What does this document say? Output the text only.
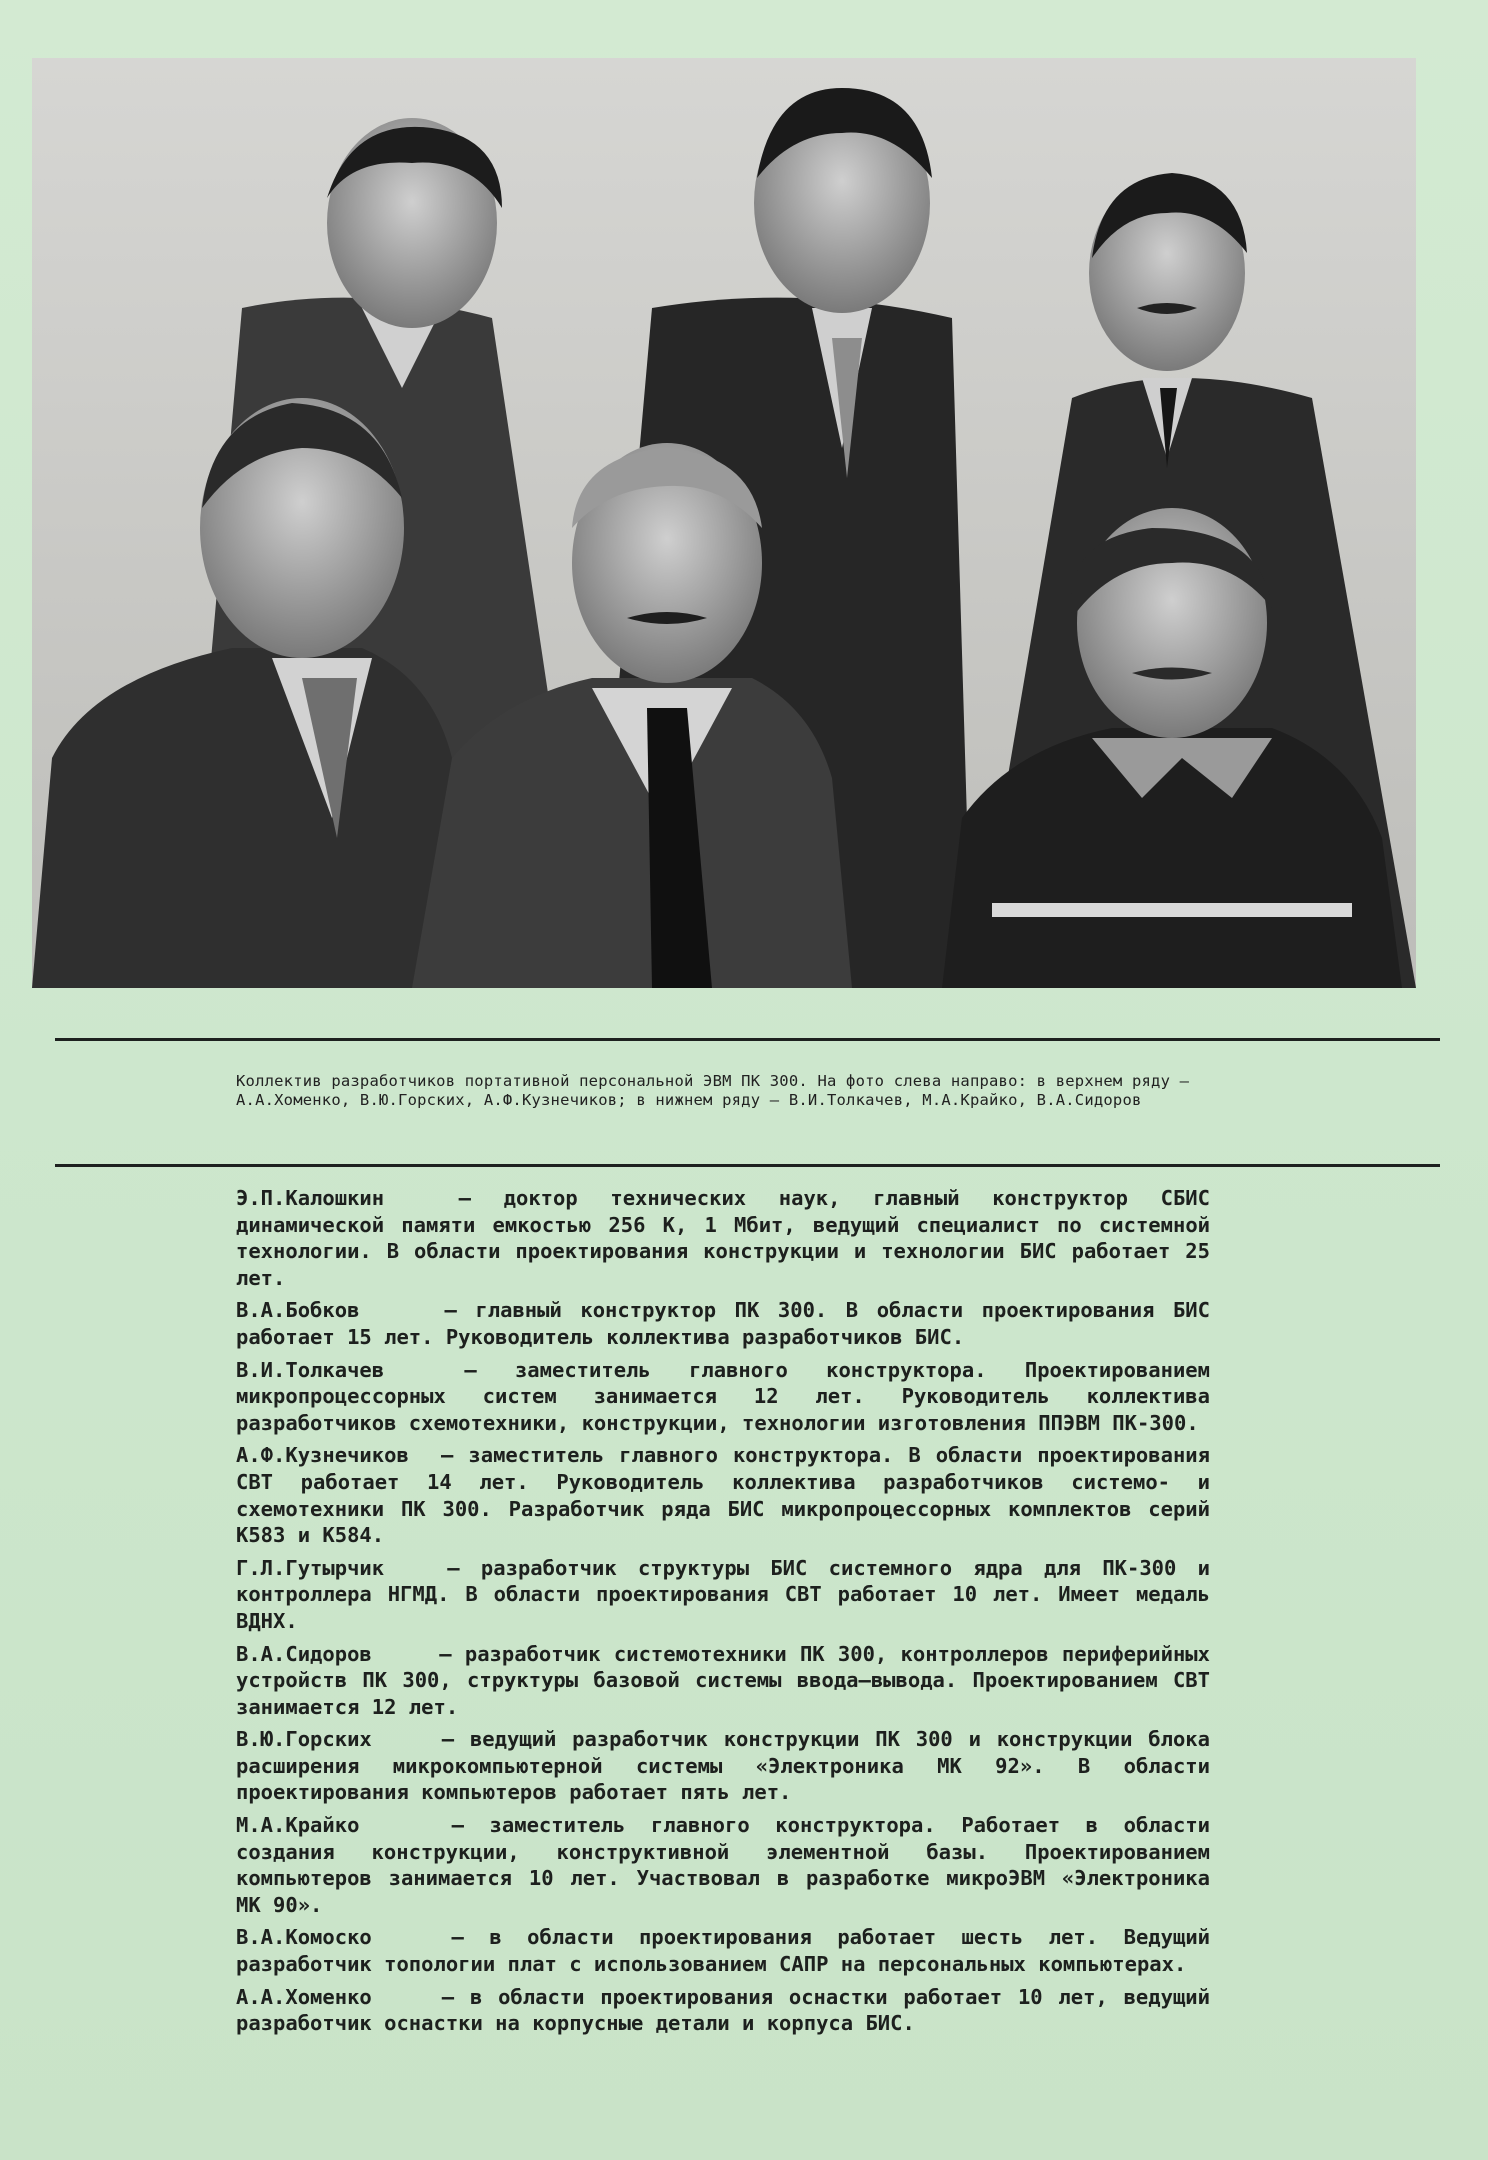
Коллектив разработчиков портативной персональной ЭВМ ПК 300. На фото слева направо: в верхнем ряду — А.А.Хоменко, В.Ю.Горских, А.Ф.Кузнечиков; в нижнем ряду — В.И.Толкачев, М.А.Крайко, В.А.Сидоров
Э.П.Калошкин — доктор технических наук, главный конструктор СБИС динамической памяти емкостью 256 К, 1 Мбит, ведущий специалист по системной технологии. В области проектирования конструкции и технологии БИС работает 25 лет.
В.А.Бобков	— главный конструктор ПК 300. В области проектирования БИС работает 15 лет. Руководитель коллектива разработчиков БИС.
В.И.Толкачев — заместитель главного конструктора. Проектированием микропроцессорных систем занимается 12 лет. Руководитель коллектива разработчиков схемотехники, конструкции, технологии изготовления ППЭВМ ПК-300.
А.Ф.Кузнечиков — заместитель главного конструктора. В области проектирования СВТ работает 14 лет. Руководитель коллектива разработчиков системо- и схемотехники ПК 300. Разработчик ряда БИС микропроцессорных комплектов серий К583 и К584.
Г.Л.Гутырчик — разработчик структуры БИС системного ядра для ПК-300 и контроллера НГМД. В области проектирования СВТ работает 10 лет. Имеет медаль ВДНХ.
В.А.Сидоров	— разработчик системотехники ПК 300, контроллеров периферийных устройств ПК 300, структуры базовой системы ввода—вывода. Проектированием СВТ занимается 12 лет.
В.Ю.Горских	— ведущий разработчик конструкции ПК 300 и конструкции блока расширения микрокомпьютерной системы «Электроника МК 92». В области проектирования компьютеров работает пять лет.
М.А.Крайко	— заместитель главного конструктора. Работает в области создания конструкции, конструктивной элементной базы. Проектированием компьютеров занимается 10 лет. Участвовал в разработке микроЭВМ «Электроника МК 90».
В.А.Комоско	— в области проектирования работает шесть лет. Ведущий разработчик топологии плат с использованием САПР на персональных компьютерах.
А.А.Хоменко	— в области проектирования оснастки работает 10 лет, ведущий разработчик оснастки на корпусные детали и корпуса БИС.
